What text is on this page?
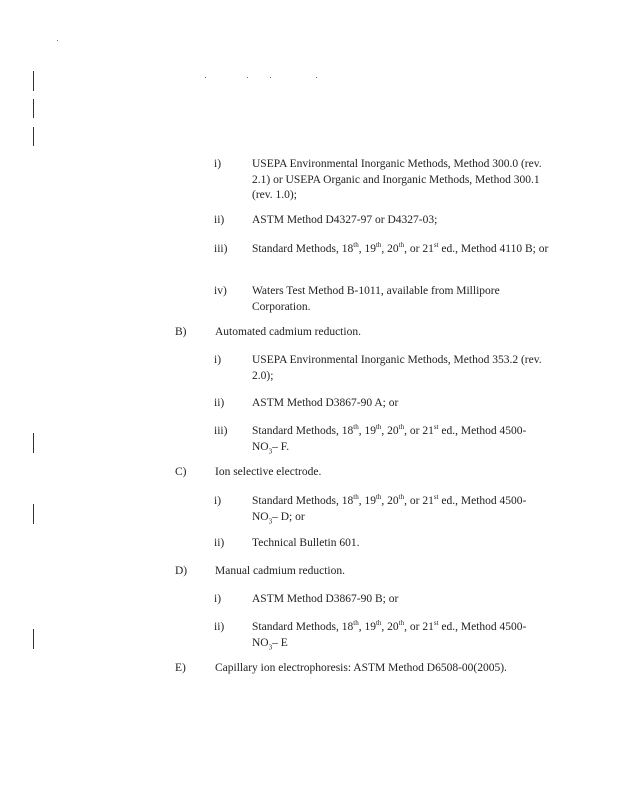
i)	USEPA Environmental Inorganic Methods, Method 300.0 (rev. 2.1) or USEPA Organic and Inorganic Methods, Method 300.1 (rev. 1.0);
ii) ASTM Method D4327-97 or D4327-03;
iii) Standard Methods, 18th, 19th, 20th, or 21st ed., Method 4110 B; or
iv) Waters Test Method B-1011, available from Millipore Corporation.
B) Automated cadmium reduction.
i)	USEPA Environmental Inorganic Methods, Method 353.2 (rev. 2.0);
ii) ASTM Method D3867-90 A; or
iii) Standard Methods, 18th, 19th, 20th, or 21st ed., Method $4500-NO_3-$ F.
C) Ion selective electrode.
i)	Standard Methods, 18th, 19th, 20th, or 21st ed., Method $4500-NO_3-$ D; or
ii) Technical Bulletin 601.
D) Manual cadmium reduction.
i)	ASTM Method D3867-90 B; or
ii) Standard Methods, 18th, 19th, 20th, or 21st ed., Method $4500-NO_3-$ E
E)	Capillary ion electrophoresis: ASTM Method D6508-00(2005).
